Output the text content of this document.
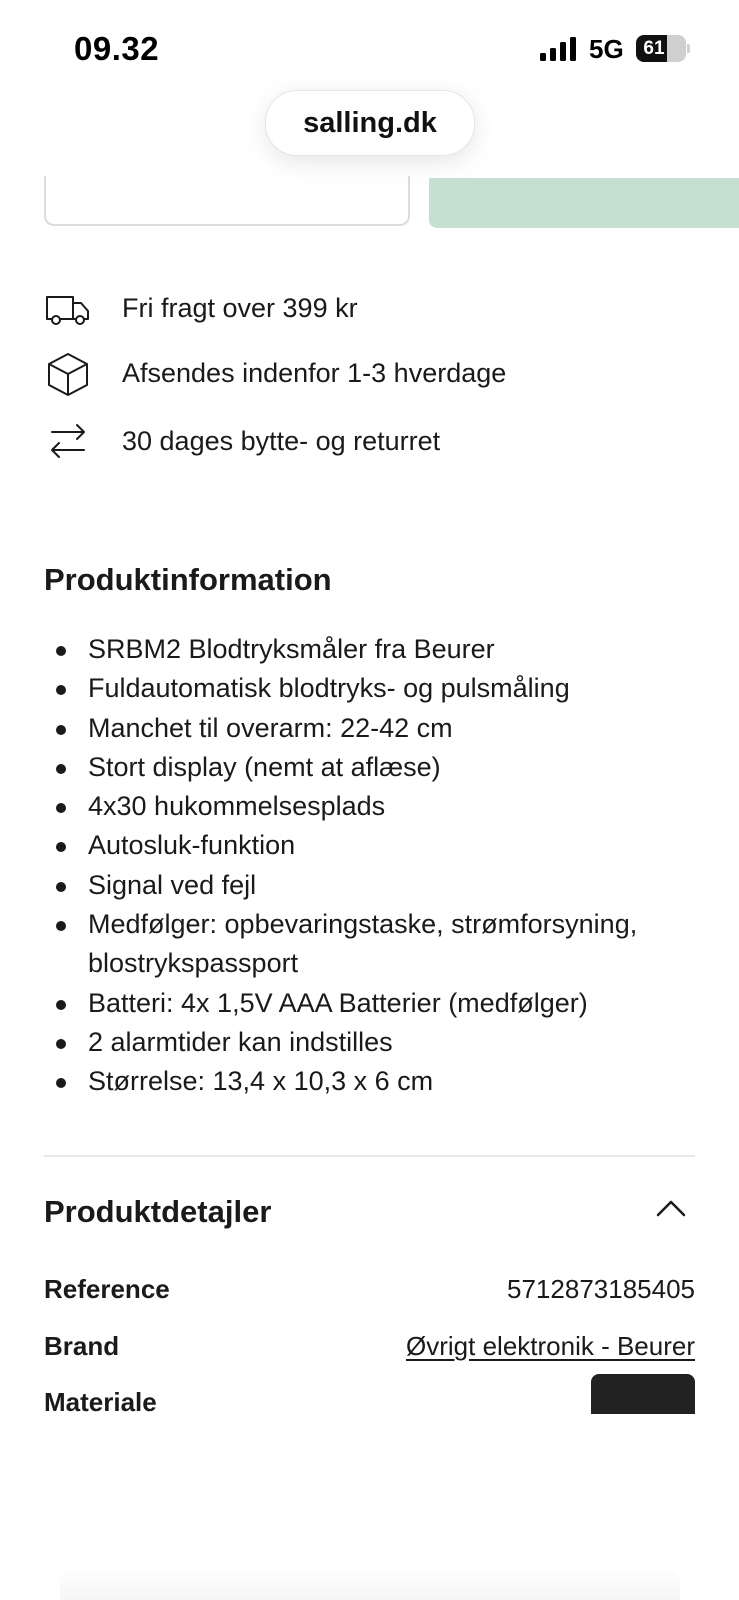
09.32	5G	61
salling.dk
Fri fragt over 399 kr
Afsendes indenfor 1-3 hverdage
30 dages bytte- og returret
Produktinformation
SRBM2 Blodtryksmåler fra Beurer
Fuldautomatisk blodtryks- og pulsmåling
Manchet til overarm: 22-42 cm
Stort display (nemt at aflæse)
4x30 hukommelsesplads
Autosluk-funktion
Signal ved fejl
Medfølger: opbevaringstaske, strømforsyning, blostrykspassport
Batteri: 4x 1,5V AAA Batterier (medfølger)
2 alarmtider kan indstilles
Størrelse: 13,4 x 10,3 x 6 cm
Produktdetajler
Reference	5712873185405
Brand	Øvrigt elektronik - Beurer
Materiale
